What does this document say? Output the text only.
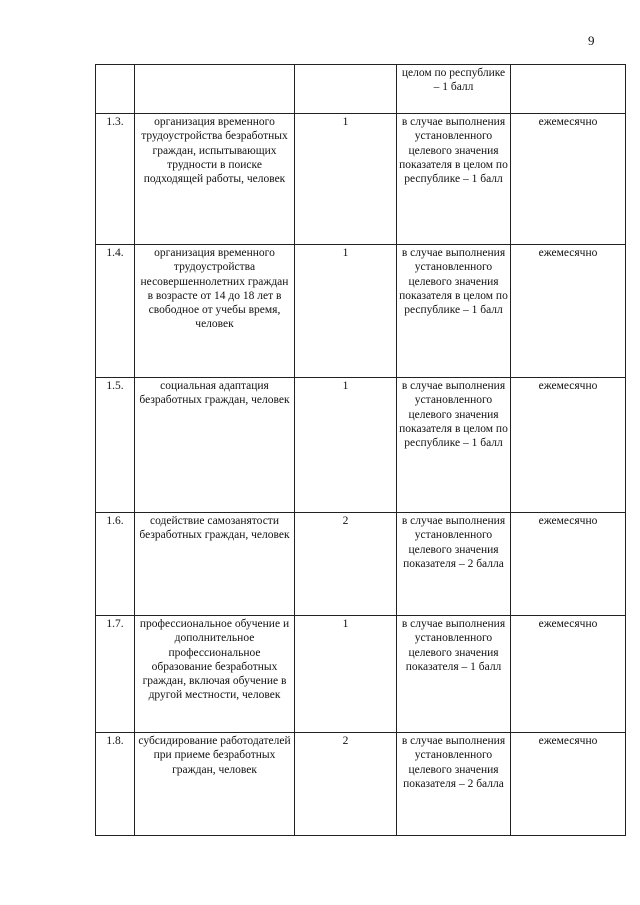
9
			целом по республике – 1 балл	
1.3.	организация временного трудоустройства безработных граждан, испытывающих трудности в поиске подходящей работы, человек	1	в случае выполнения установленного целевого значения показателя в целом по республике – 1 балл	ежемесячно
1.4.	организация временного трудоустройства несовершеннолетних граждан в возрасте от 14 до 18 лет в свободное от учебы время, человек	1	в случае выполнения установленного целевого значения показателя в целом по республике – 1 балл	ежемесячно
1.5.	социальная адаптация безработных граждан, человек	1	в случае выполнения установленного целевого значения показателя в целом по республике – 1 балл	ежемесячно
1.6.	содействие самозанятости безработных граждан, человек	2	в случае выполнения установленного целевого значения показателя – 2 балла	ежемесячно
1.7.	профессиональное обучение и дополнительное профессиональное образование безработных граждан, включая обучение в другой местности, человек	1	в случае выполнения установленного целевого значения показателя – 1 балл	ежемесячно
1.8.	субсидирование работодателей при приеме безработных граждан, человек	2	в случае выполнения установленного целевого значения показателя – 2 балла	ежемесячно
